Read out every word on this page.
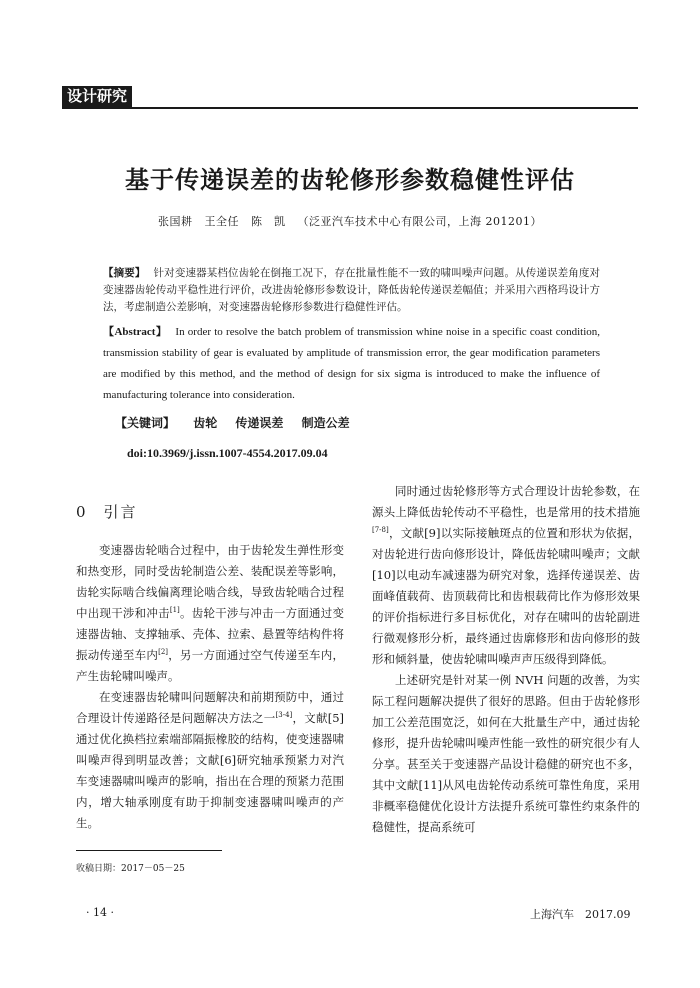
设计研究
基于传递误差的齿轮修形参数稳健性评估
张国耕 王全任 陈　凯 （泛亚汽车技术中心有限公司，上海 201201）
【摘要】 针对变速器某档位齿轮在倒拖工况下，存在批量性能不一致的啸叫噪声问题。从传递误差角度对变速器齿轮传动平稳性进行评价，改进齿轮修形参数设计，降低齿轮传递误差幅值；并采用六西格玛设计方法，考虑制造公差影响，对变速器齿轮修形参数进行稳健性评估。
【Abstract】 In order to resolve the batch problem of transmission whine noise in a specific coast condition, transmission stability of gear is evaluated by amplitude of transmission error, the gear modification parameters are modified by this method, and the method of design for six sigma is introduced to make the influence of manufacturing tolerance into consideration.
【关键词】 齿轮 传递误差 制造公差
doi:10.3969/j.issn.1007-4554.2017.09.04
0 引言

变速器齿轮啮合过程中，由于齿轮发生弹性形变和热变形，同时受齿轮制造公差、装配误差等影响，齿轮实际啮合线偏离理论啮合线，导致齿轮啮合过程中出现干涉和冲击[1]。齿轮干涉与冲击一方面通过变速器齿轴、支撑轴承、壳体、拉索、悬置等结构件将振动传递至车内[2]，另一方面通过空气传递至车内，产生齿轮啸叫噪声。

在变速器齿轮啸叫问题解决和前期预防中，通过合理设计传递路径是问题解决方法之一[3-4]，文献[5]通过优化换档拉索端部隔振橡胶的结构，使变速器啸叫噪声得到明显改善；文献[6]研究轴承预紧力对汽车变速器啸叫噪声的影响，指出在合理的预紧力范围内，增大轴承刚度有助于抑制变速器啸叫噪声的产生。

同时通过齿轮修形等方式合理设计齿轮参数，在源头上降低齿轮传动不平稳性，也是常用的技术措施[7-8]，文献[9]以实际接触斑点的位置和形状为依据，对齿轮进行齿向修形设计，降低齿轮啸叫噪声；文献[10]以电动车减速器为研究对象，选择传递误差、齿面峰值载荷、齿顶载荷比和齿根载荷比作为修形效果的评价指标进行多目标优化，对存在啸叫的齿轮副进行微观修形分析，最终通过齿廓修形和齿向修形的鼓形和倾斜量，使齿轮啸叫噪声声压级得到降低。

上述研究是针对某一例 NVH 问题的改善，为实际工程问题解决提供了很好的思路。但由于齿轮修形加工公差范围宽泛，如何在大批量生产中，通过齿轮修形，提升齿轮啸叫噪声性能一致性的研究很少有人分享。甚至关于变速器产品设计稳健的研究也不多，其中文献[11]从风电齿轮传动系统可靠性角度，采用非概率稳健优化设计方法提升系统可靠性约束条件的稳健性，提高系统可

收稿日期：2017－05－25
· 14 ·	上海汽车　2017.09
